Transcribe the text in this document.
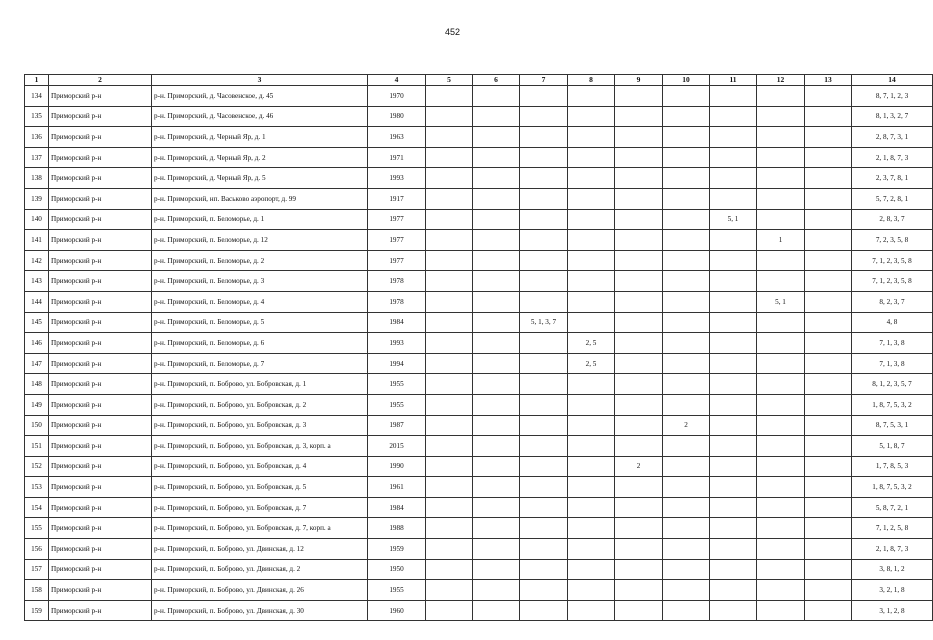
452
1	2	3	4	5	6	7	8	9	10	11	12	13	14
134	Приморский р-н	р-н. Приморский, д. Часовенское, д. 45	1970										8, 7, 1, 2, 3
135	Приморский р-н	р-н. Приморский, д. Часовенское, д. 46	1980										8, 1, 3, 2, 7
136	Приморский р-н	р-н. Приморский, д. Черный Яр, д. 1	1963										2, 8, 7, 3, 1
137	Приморский р-н	р-н. Приморский, д. Черный Яр, д. 2	1971										2, 1, 8, 7, 3
138	Приморский р-н	р-н. Приморский, д. Черный Яр, д. 5	1993										2, 3, 7, 8, 1
139	Приморский р-н	р-н. Приморский, нп. Васьково аэропорт, д. 99	1917										5, 7, 2, 8, 1
140	Приморский р-н	р-н. Приморский, п. Беломорье, д. 1	1977							5, 1			2, 8, 3, 7
141	Приморский р-н	р-н. Приморский, п. Беломорье, д. 12	1977								1		7, 2, 3, 5, 8
142	Приморский р-н	р-н. Приморский, п. Беломорье, д. 2	1977										7, 1, 2, 3, 5, 8
143	Приморский р-н	р-н. Приморский, п. Беломорье, д. 3	1978										7, 1, 2, 3, 5, 8
144	Приморский р-н	р-н. Приморский, п. Беломорье, д. 4	1978								5, 1		8, 2, 3, 7
145	Приморский р-н	р-н. Приморский, п. Беломорье, д. 5	1984			5, 1, 3, 7							4, 8
146	Приморский р-н	р-н. Приморский, п. Беломорье, д. 6	1993				2, 5						7, 1, 3, 8
147	Приморский р-н	р-н. Приморский, п. Беломорье, д. 7	1994				2, 5						7, 1, 3, 8
148	Приморский р-н	р-н. Приморский, п. Боброво, ул. Бобровская, д. 1	1955										8, 1, 2, 3, 5, 7
149	Приморский р-н	р-н. Приморский, п. Боброво, ул. Бобровская, д. 2	1955										1, 8, 7, 5, 3, 2
150	Приморский р-н	р-н. Приморский, п. Боброво, ул. Бобровская, д. 3	1987						2				8, 7, 5, 3, 1
151	Приморский р-н	р-н. Приморский, п. Боброво, ул. Бобровская, д. 3, корп. а	2015										5, 1, 8, 7
152	Приморский р-н	р-н. Приморский, п. Боброво, ул. Бобровская, д. 4	1990					2					1, 7, 8, 5, 3
153	Приморский р-н	р-н. Приморский, п. Боброво, ул. Бобровская, д. 5	1961										1, 8, 7, 5, 3, 2
154	Приморский р-н	р-н. Приморский, п. Боброво, ул. Бобровская, д. 7	1984										5, 8, 7, 2, 1
155	Приморский р-н	р-н. Приморский, п. Боброво, ул. Бобровская, д. 7, корп. а	1988										7, 1, 2, 5, 8
156	Приморский р-н	р-н. Приморский, п. Боброво, ул. Двинская, д. 12	1959										2, 1, 8, 7, 3
157	Приморский р-н	р-н. Приморский, п. Боброво, ул. Двинская, д. 2	1950										3, 8, 1, 2
158	Приморский р-н	р-н. Приморский, п. Боброво, ул. Двинская, д. 26	1955										3, 2, 1, 8
159	Приморский р-н	р-н. Приморский, п. Боброво, ул. Двинская, д. 30	1960										3, 1, 2, 8
